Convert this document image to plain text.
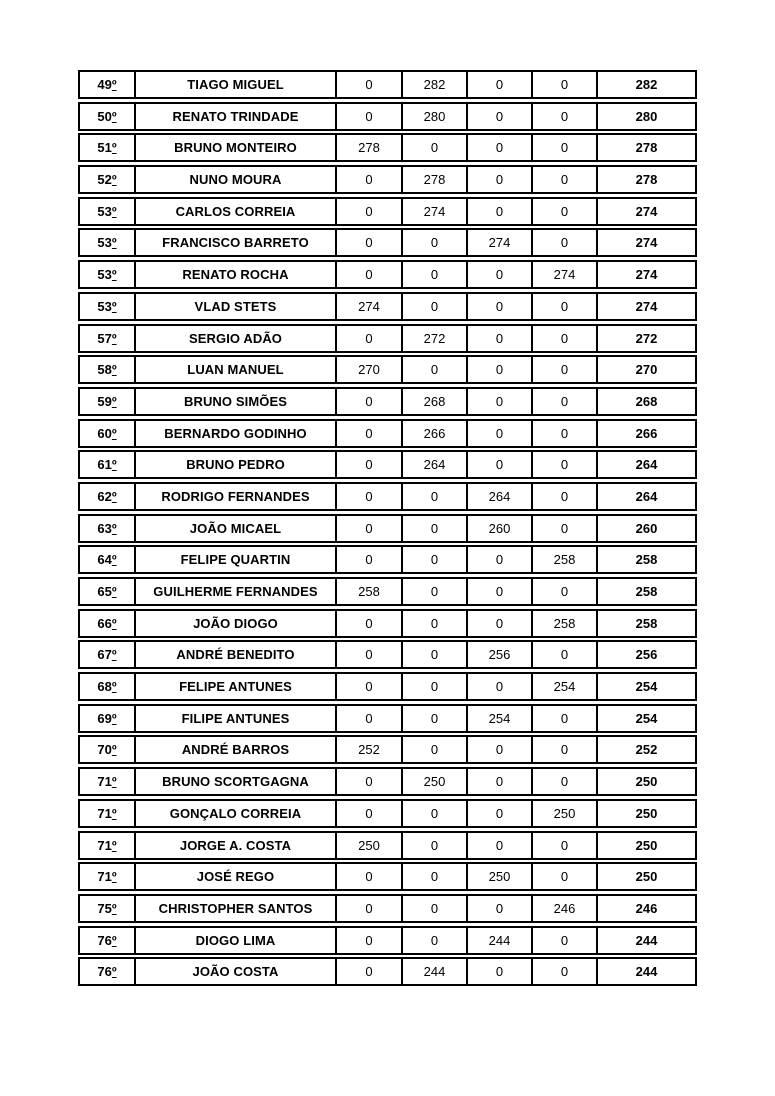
49 º	TIAGO MIGUEL	0	282	0	0	282
50 º	RENATO TRINDADE	0	280	0	0	280
51 º	BRUNO MONTEIRO	278	0	0	0	278
52 º	NUNO MOURA	0	278	0	0	278
53 º	CARLOS CORREIA	0	274	0	0	274
53 º	FRANCISCO BARRETO	0	0	274	0	274
53 º	RENATO ROCHA	0	0	0	274	274
53 º	VLAD STETS	274	0	0	0	274
57 º	SERGIO ADÃO	0	272	0	0	272
58 º	LUAN MANUEL	270	0	0	0	270
59 º	BRUNO SIMÕES	0	268	0	0	268
60 º	BERNARDO GODINHO	0	266	0	0	266
61 º	BRUNO PEDRO	0	264	0	0	264
62 º	RODRIGO FERNANDES	0	0	264	0	264
63 º	JOÃO MICAEL	0	0	260	0	260
64 º	FELIPE QUARTIN	0	0	0	258	258
65 º	GUILHERME FERNANDES	258	0	0	0	258
66 º	JOÃO DIOGO	0	0	0	258	258
67 º	ANDRÉ BENEDITO	0	0	256	0	256
68 º	FELIPE ANTUNES	0	0	0	254	254
69 º	FILIPE ANTUNES	0	0	254	0	254
70 º	ANDRÉ BARROS	252	0	0	0	252
71 º	BRUNO SCORTGAGNA	0	250	0	0	250
71 º	GONÇALO CORREIA	0	0	0	250	250
71 º	JORGE A. COSTA	250	0	0	0	250
71 º	JOSÉ REGO	0	0	250	0	250
75 º	CHRISTOPHER SANTOS	0	0	0	246	246
76 º	DIOGO LIMA	0	0	244	0	244
76 º	JOÃO COSTA	0	244	0	0	244
